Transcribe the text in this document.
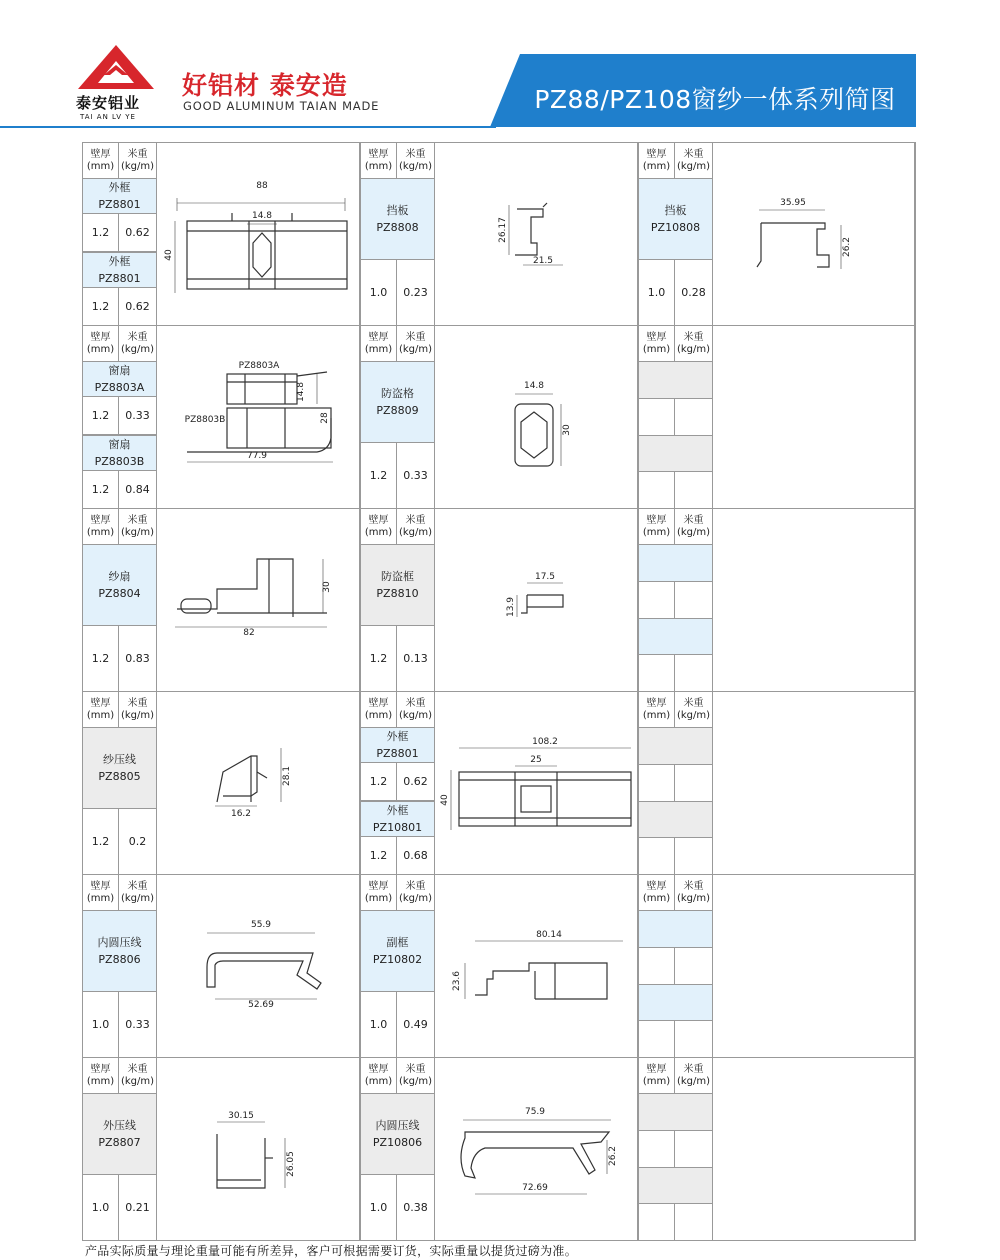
泰安铝业
TAI AN LV YE
好铝材 泰安造
GOOD ALUMINUM TAIAN MADE	PZ88/PZ108窗纱一体系列简图
壁厚
(mm)
米重
(kg/m)
外框
PZ8801
1.2	0.62
外框
PZ8801
1.2	0.62
88
14.8
40
壁厚
(mm)
米重
(kg/m)
挡板
PZ8808
1.0	0.23
26.17
21.5
壁厚
(mm)
米重
(kg/m)
挡板
PZ10808
1.0	0.28
35.95
26.2
壁厚
(mm)
米重
(kg/m)
窗扇
PZ8803A
1.2	0.33
窗扇
PZ8803B
1.2	0.84
PZ8803A
14.8
28
PZ8803B
77.9
壁厚
(mm)
米重
(kg/m)
防盗格
PZ8809
1.2	0.33
14.8
30
壁厚
(mm)
米重
(kg/m)
壁厚
(mm)
米重
(kg/m)
纱扇
PZ8804
1.2	0.83
30
82
壁厚
(mm)
米重
(kg/m)
防盗框
PZ8810
1.2	0.13
17.5
13.9
壁厚
(mm)
米重
(kg/m)
壁厚
(mm)
米重
(kg/m)
纱压线
PZ8805
1.2	0.2
28.1
16.2
壁厚
(mm)
米重
(kg/m)
外框
PZ8801
1.2	0.62
外框
PZ10801
1.2	0.68
108.2
25
40
壁厚
(mm)
米重
(kg/m)
壁厚
(mm)
米重
(kg/m)
内圆压线
PZ8806
1.0	0.33
55.9
52.69
壁厚
(mm)
米重
(kg/m)
副框
PZ10802
1.0	0.49
80.14
23.6
壁厚
(mm)
米重
(kg/m)
壁厚
(mm)
米重
(kg/m)
外压线
PZ8807
1.0	0.21
30.15
26.05
壁厚
(mm)
米重
(kg/m)
内圆压线
PZ10806
1.0	0.38
75.9
72.69
26.2
壁厚
(mm)
米重
(kg/m)
产品实际质量与理论重量可能有所差异，客户可根据需要订货，实际重量以提货过磅为准。
